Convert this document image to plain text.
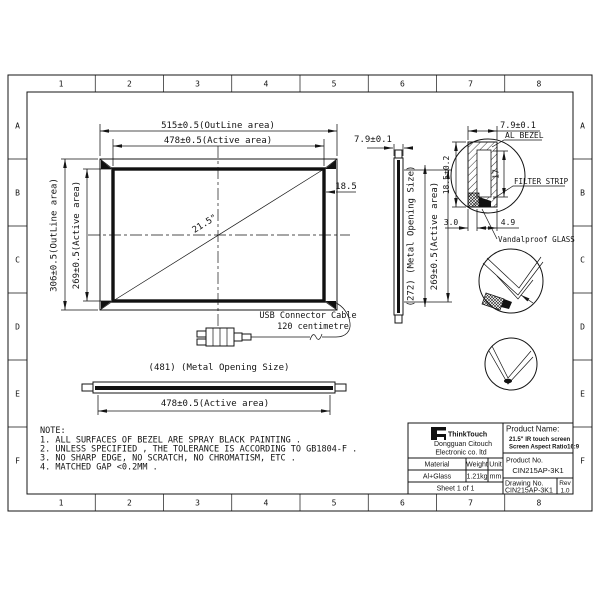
1	2	3	4	5	6	7	8
1	2	3	4	5	6	7	8
A
B
C
D
E
F
A
B
C
D
E
F
21.5"
515±0.5(OutLine area)
478±0.5(Active area)
306±0.5(OutLine area) 269±0.5(Active area)	18.5
7.9±0.1
(272) (Metal Opening Size) 269±0.5(Active area)
USB Connector Cable
120 centimetre
(481) (Metal Opening Size)
478±0.5(Active area)
7.9±0.1
AL BEZEL
18.5±0.2	17
FILTER STRIP
3.0	4.9
Vandalproof GLASS
NOTE:
1. ALL SURFACES OF BEZEL ARE SPRAY BLACK PAINTING .
2. UNLESS SPECIFIED , THE TOLERANCE IS ACCORDING TO GB1804-F .
3. NO SHARP EDGE, NO SCRATCH, NO CHROMATISM, ETC .
4. MATCHED GAP <0.2MM .
ThinkTouch
Dongguan Citouch
Electronic co. ltd
Material Weight Unit
Al+Glass 1.21kg mm
Sheet 1 of 1
Product Name:
21.5" IR touch screen
Screen Aspect Ratio16:9
Product No.
CIN215AP-3K1
Drawing No.
CIN215AP-3K1
Rev
1.0
